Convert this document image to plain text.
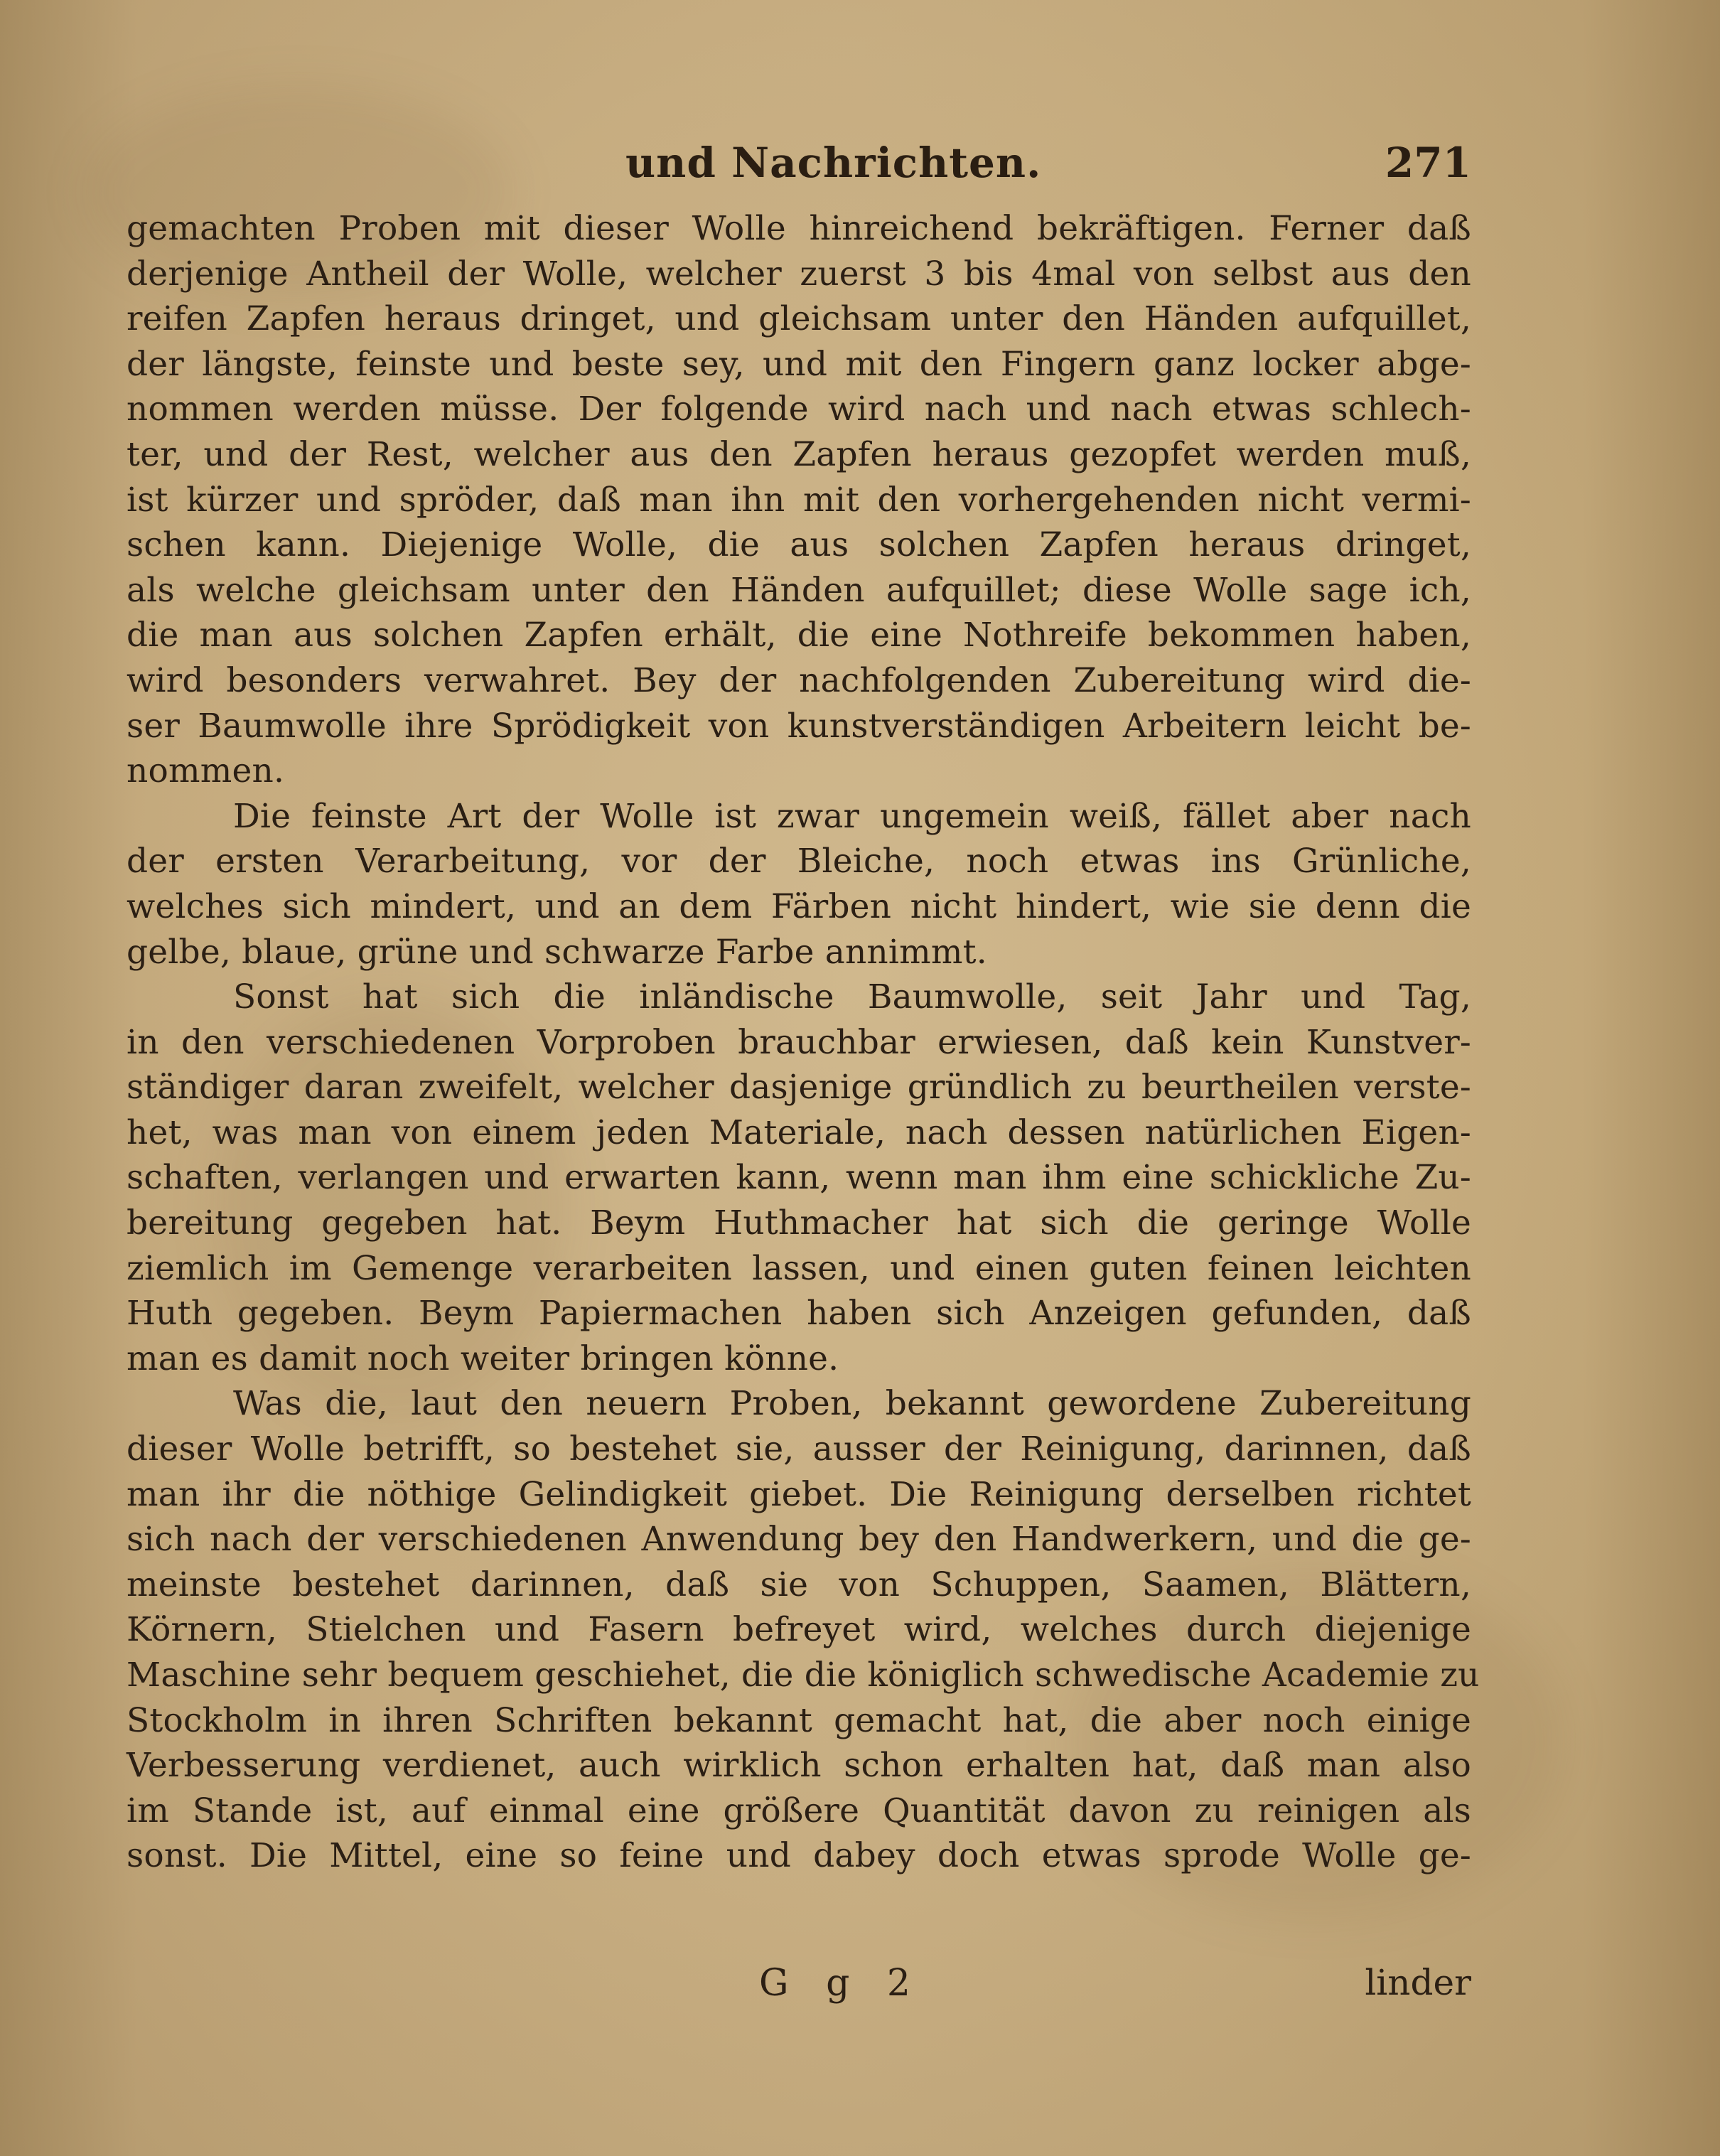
und Nachrichten.	271
gemachten Proben mit dieser Wolle hinreichend bekräftigen. Ferner daß
derjenige Antheil der Wolle, welcher zuerst 3 bis 4mal von selbst aus den
reifen Zapfen heraus dringet, und gleichsam unter den Händen aufquillet,
der längste, feinste und beste sey, und mit den Fingern ganz locker abge-
nommen werden müsse. Der folgende wird nach und nach etwas schlech-
ter, und der Rest, welcher aus den Zapfen heraus gezopfet werden muß,
ist kürzer und spröder, daß man ihn mit den vorhergehenden nicht vermi-
schen kann. Diejenige Wolle, die aus solchen Zapfen heraus dringet,
als welche gleichsam unter den Händen aufquillet; diese Wolle sage ich,
die man aus solchen Zapfen erhält, die eine Nothreife bekommen haben,
wird besonders verwahret. Bey der nachfolgenden Zubereitung wird die-
ser Baumwolle ihre Sprödigkeit von kunstverständigen Arbeitern leicht be-
nommen.
Die feinste Art der Wolle ist zwar ungemein weiß, fället aber nach
der ersten Verarbeitung, vor der Bleiche, noch etwas ins Grünliche,
welches sich mindert, und an dem Färben nicht hindert, wie sie denn die
gelbe, blaue, grüne und schwarze Farbe annimmt.
Sonst hat sich die inländische Baumwolle, seit Jahr und Tag,
in den verschiedenen Vorproben brauchbar erwiesen, daß kein Kunstver-
ständiger daran zweifelt, welcher dasjenige gründlich zu beurtheilen verste-
het, was man von einem jeden Materiale, nach dessen natürlichen Eigen-
schaften, verlangen und erwarten kann, wenn man ihm eine schickliche Zu-
bereitung gegeben hat. Beym Huthmacher hat sich die geringe Wolle
ziemlich im Gemenge verarbeiten lassen, und einen guten feinen leichten
Huth gegeben. Beym Papiermachen haben sich Anzeigen gefunden, daß
man es damit noch weiter bringen könne.
Was die, laut den neuern Proben, bekannt gewordene Zubereitung
dieser Wolle betrifft, so bestehet sie, ausser der Reinigung, darinnen, daß
man ihr die nöthige Gelindigkeit giebet. Die Reinigung derselben richtet
sich nach der verschiedenen Anwendung bey den Handwerkern, und die ge-
meinste bestehet darinnen, daß sie von Schuppen, Saamen, Blättern,
Körnern, Stielchen und Fasern befreyet wird, welches durch diejenige
Maschine sehr bequem geschiehet, die die königlich schwedische Academie zu
Stockholm in ihren Schriften bekannt gemacht hat, die aber noch einige
Verbesserung verdienet, auch wirklich schon erhalten hat, daß man also
im Stande ist, auf einmal eine größere Quantität davon zu reinigen als
sonst. Die Mittel, eine so feine und dabey doch etwas sprode Wolle ge-
G g 2	linder
